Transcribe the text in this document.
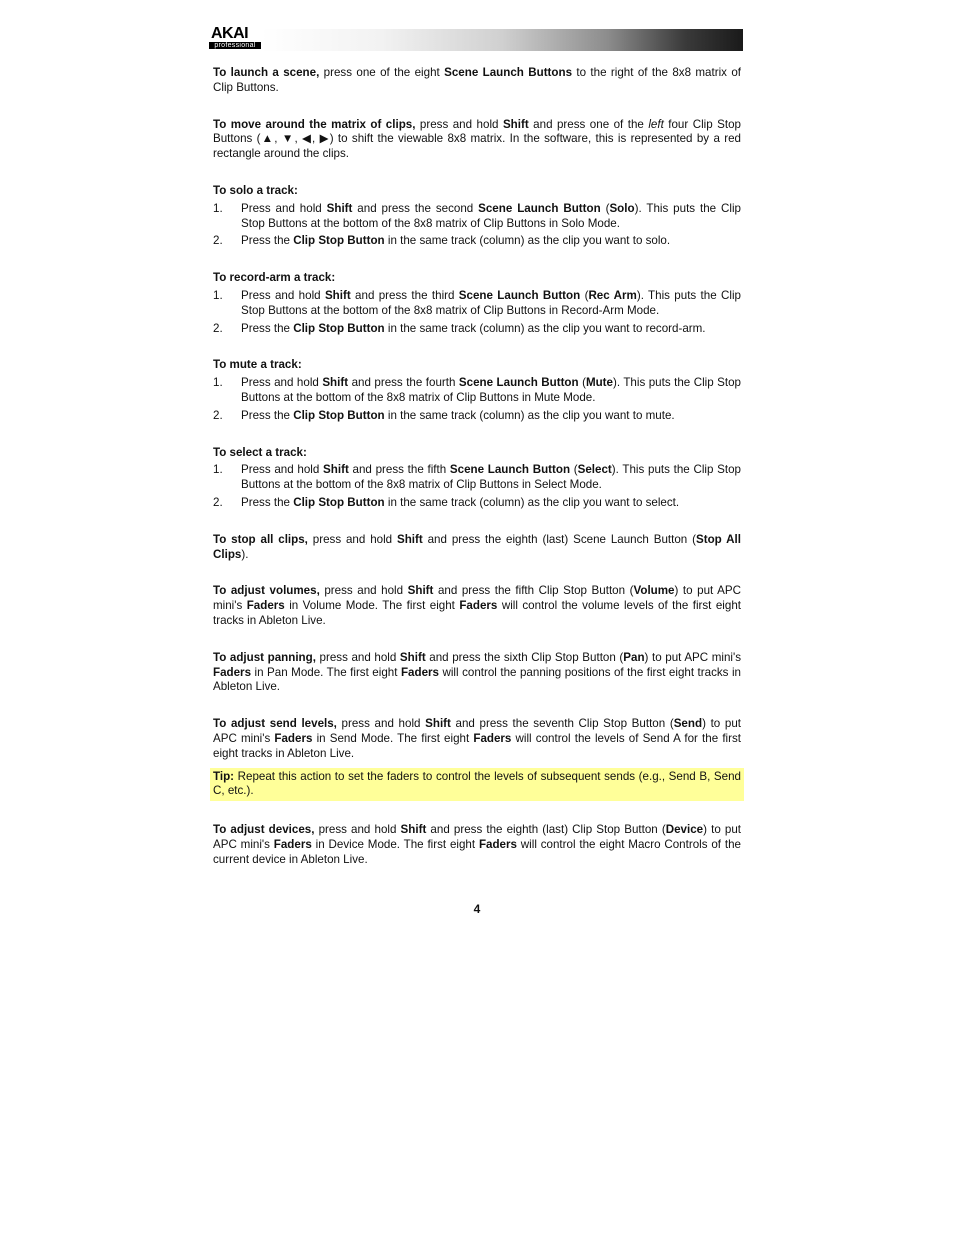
AKAI
professional

To launch a scene, press one of the eight Scene Launch Buttons to the right of the 8x8 matrix of Clip Buttons.

To move around the matrix of clips, press and hold Shift and press one of the left four Clip Stop Buttons (▲, ▼, ◀, ▶) to shift the viewable 8x8 matrix. In the software, this is represented by a red rectangle around the clips.

To solo a track:
1. Press and hold Shift and press the second Scene Launch Button (Solo). This puts the Clip Stop Buttons at the bottom of the 8x8 matrix of Clip Buttons in Solo Mode.
2. Press the Clip Stop Button in the same track (column) as the clip you want to solo.
To record-arm a track:
1. Press and hold Shift and press the third Scene Launch Button (Rec Arm). This puts the Clip Stop Buttons at the bottom of the 8x8 matrix of Clip Buttons in Record-Arm Mode.
2. Press the Clip Stop Button in the same track (column) as the clip you want to record-arm.
To mute a track:
1. Press and hold Shift and press the fourth Scene Launch Button (Mute). This puts the Clip Stop Buttons at the bottom of the 8x8 matrix of Clip Buttons in Mute Mode.
2. Press the Clip Stop Button in the same track (column) as the clip you want to mute.
To select a track:
1. Press and hold Shift and press the fifth Scene Launch Button (Select). This puts the Clip Stop Buttons at the bottom of the 8x8 matrix of Clip Buttons in Select Mode.
2. Press the Clip Stop Button in the same track (column) as the clip you want to select.

To stop all clips, press and hold Shift and press the eighth (last) Scene Launch Button (Stop All Clips).

To adjust volumes, press and hold Shift and press the fifth Clip Stop Button (Volume) to put APC mini's Faders in Volume Mode. The first eight Faders will control the volume levels of the first eight tracks in Ableton Live.

To adjust panning, press and hold Shift and press the sixth Clip Stop Button (Pan) to put APC mini's Faders in Pan Mode. The first eight Faders will control the panning positions of the first eight tracks in Ableton Live.

To adjust send levels, press and hold Shift and press the seventh Clip Stop Button (Send) to put APC mini's Faders in Send Mode. The first eight Faders will control the levels of Send A for the first eight tracks in Ableton Live.

Tip: Repeat this action to set the faders to control the levels of subsequent sends (e.g., Send B, Send C, etc.).

To adjust devices, press and hold Shift and press the eighth (last) Clip Stop Button (Device) to put APC mini's Faders in Device Mode. The first eight Faders will control the eight Macro Controls of the current device in Ableton Live.

4
